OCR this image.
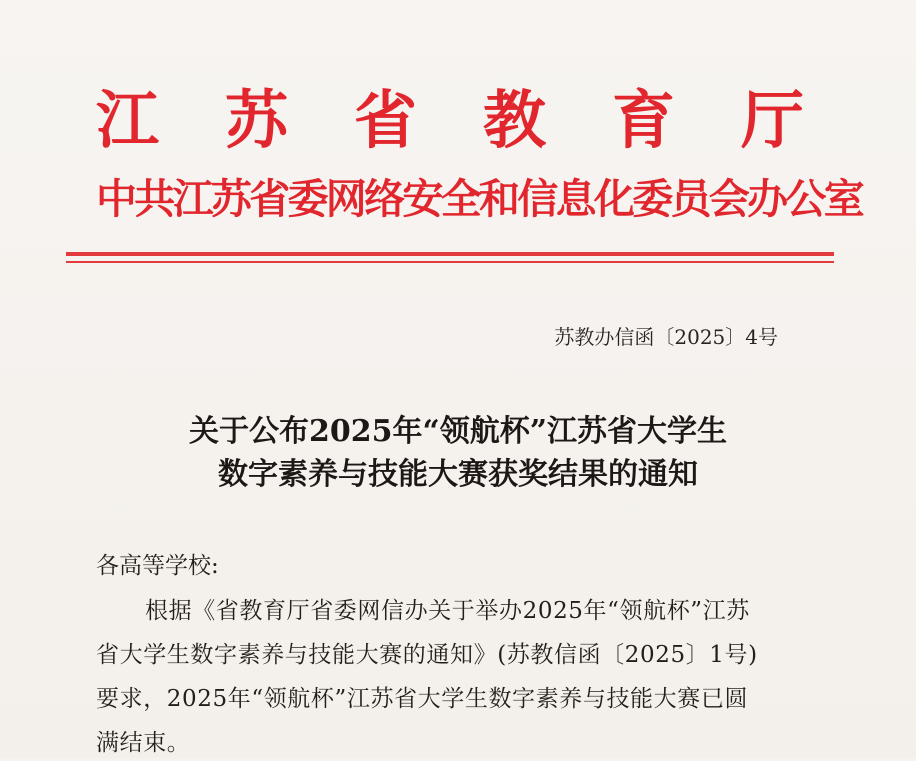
江 苏 省 教 育 厅
中共江苏省委网络安全和信息化委员会办公室
苏教办信函〔2025〕4号
关于公布2025年“领航杯”江苏省大学生
数字素养与技能大赛获奖结果的通知
各高等学校:
根据《省教育厅省委网信办关于举办2025年“领航杯”江苏
省大学生数字素养与技能大赛的通知》(苏教信函〔2025〕1号)
要求，2025年“领航杯”江苏省大学生数字素养与技能大赛已圆
满结束。
